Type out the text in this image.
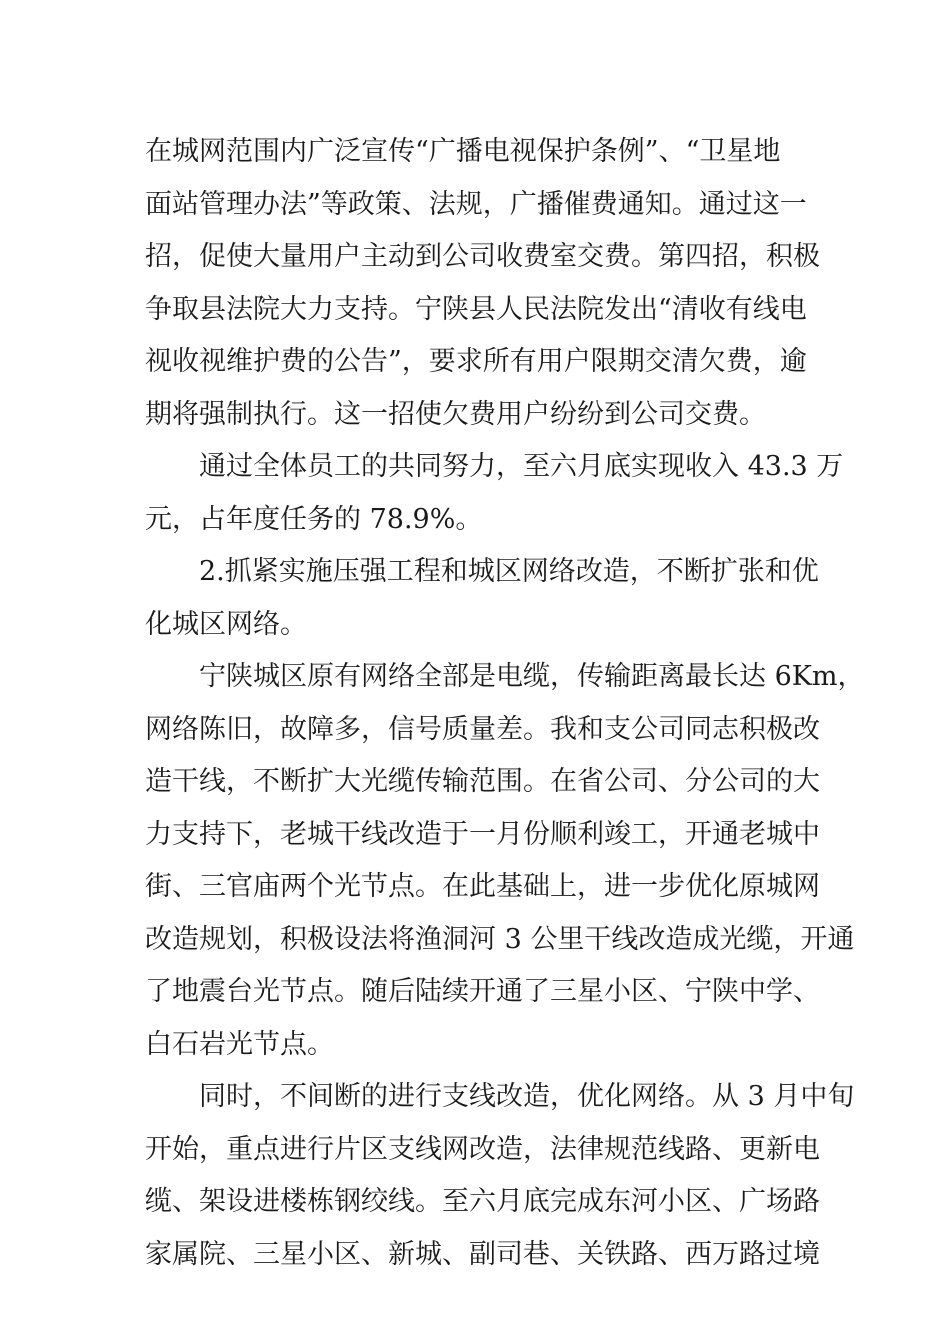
在城网范围内广泛宣传“广播电视保护条例”、“卫星地
面站管理办法”等政策、法规，广播催费通知。通过这一
招，促使大量用户主动到公司收费室交费。第四招，积极
争取县法院大力支持。宁陕县人民法院发出“清收有线电
视收视维护费的公告”，要求所有用户限期交清欠费，逾
期将强制执行。这一招使欠费用户纷纷到公司交费。
通过全体员工的共同努力，至六月底实现收入 43.3 万
元，占年度任务的 78.9%。
2.抓紧实施压强工程和城区网络改造，不断扩张和优
化城区网络。
宁陕城区原有网络全部是电缆，传输距离最长达 6Km，
网络陈旧，故障多，信号质量差。我和支公司同志积极改
造干线，不断扩大光缆传输范围。在省公司、分公司的大
力支持下，老城干线改造于一月份顺利竣工，开通老城中
街、三官庙两个光节点。在此基础上，进一步优化原城网
改造规划，积极设法将渔洞河 3 公里干线改造成光缆，开通
了地震台光节点。随后陆续开通了三星小区、宁陕中学、
白石岩光节点。
同时，不间断的进行支线改造，优化网络。从 3 月中旬
开始，重点进行片区支线网改造，法律规范线路、更新电
缆、架设进楼栋钢绞线。至六月底完成东河小区、广场路
家属院、三星小区、新城、副司巷、关铁路、西万路过境
